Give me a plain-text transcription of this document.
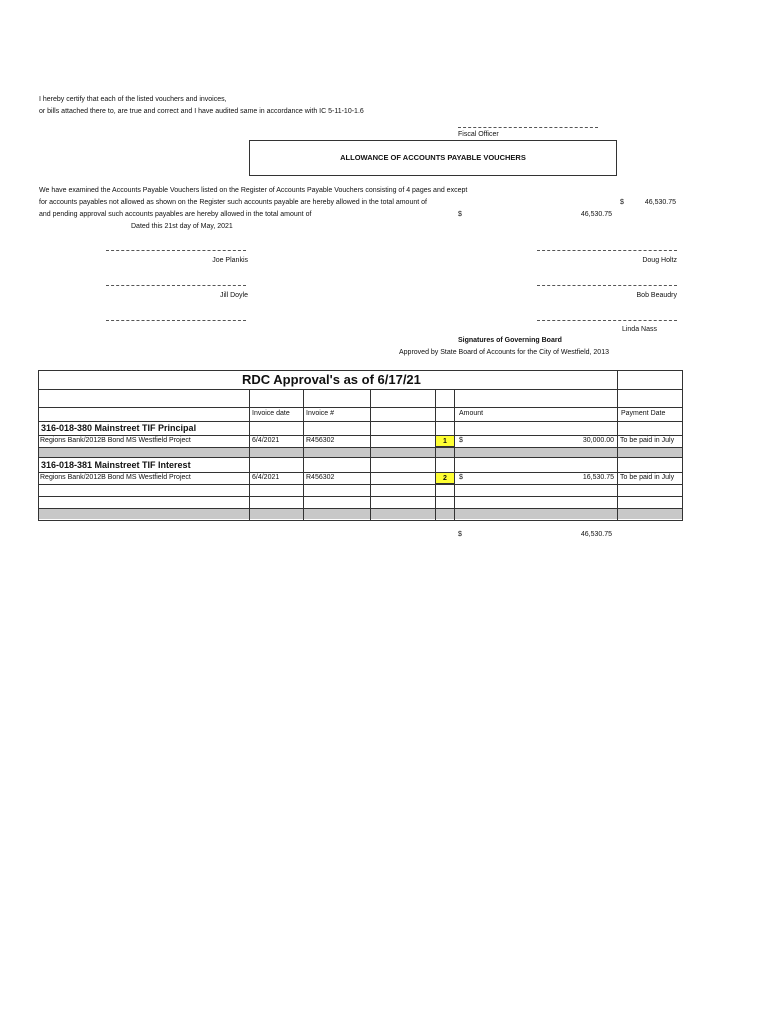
I hereby certify that each of the listed vouchers and invoices,
or bills attached there to, are true and correct and I have audited same in accordance with IC 5-11-10-1.6
Fiscal Officer
ALLOWANCE OF ACCOUNTS PAYABLE VOUCHERS
We have examined the Accounts Payable Vouchers listed on the Register of Accounts Payable Vouchers consisting of 4 pages and except
for accounts payables not allowed as shown on the Register such accounts payable are hereby allowed in the total amount of	$	46,530.75
and pending approval such accounts payables are hereby allowed in the total amount of	$	46,530.75
Dated this 21st day of May, 2021
Joe Plankis	Doug Holtz
Jill Doyle	Bob Beaudry
Linda Nass
Signatures of Governing Board
Approved by State Board of Accounts for the City of Westfield, 2013
RDC Approval's as of 6/17/21
Invoice date Invoice #	Amount	Payment Date
316-018-380 Mainstreet TIF Principal
Regions Bank/2012B Bond MS Westfield Project	6/4/2021	R456302	1	$	30,000.00 To be paid in July
316-018-381 Mainstreet TIF Interest
Regions Bank/2012B Bond MS Westfield Project	6/4/2021	R456302	2	$	16,530.75 To be paid in July
$	46,530.75
